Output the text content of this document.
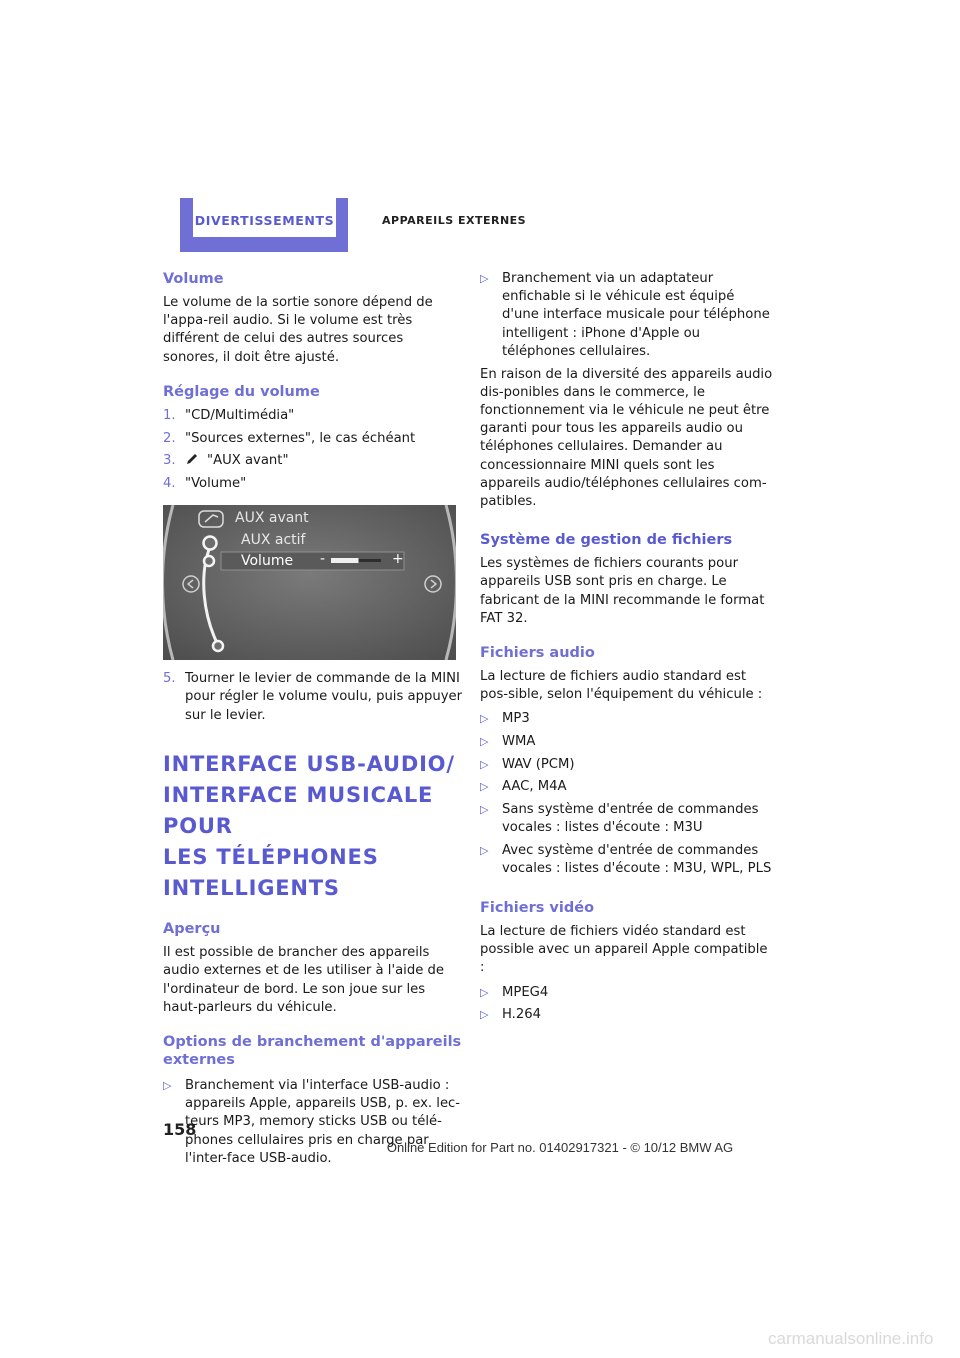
DIVERTISSEMENTS	APPAREILS EXTERNES
Volume

Le volume de la sortie sonore dépend de l'appa-reil audio. Si le volume est très différent de celui des autres sources sonores, il doit être ajusté.

Réglage du volume
1. "CD/Multimédia"
2. "Sources externes", le cas échéant
3.	"AUX avant"
4. "Volume"
AUX avant
AUX actif
Volume -	+
5. Tourner le levier de commande de la MINI pour régler le volume voulu, puis appuyer sur le levier.
INTERFACE USB-AUDIO/
INTERFACE MUSICALE POUR
LES TÉLÉPHONES
INTELLIGENTS
Aperçu

Il est possible de brancher des appareils audio externes et de les utiliser à l'aide de l'ordinateur de bord. Le son joue sur les haut-parleurs du véhicule.

Options de branchement d'appareils externes
▷	Branchement via l'interface USB-audio : appareils Apple, appareils USB, p. ex. lec-teurs MP3, memory sticks USB ou télé-phones cellulaires pris en charge par l'inter-face USB-audio.
▷	Branchement via un adaptateur enfichable si le véhicule est équipé d'une interface musicale pour téléphone intelligent : iPhone d'Apple ou téléphones cellulaires.

En raison de la diversité des appareils audio dis-ponibles dans le commerce, le fonctionnement via le véhicule ne peut être garanti pour tous les appareils audio ou téléphones cellulaires. Demander au concessionnaire MINI quels sont les appareils audio/téléphones cellulaires com-patibles.

Système de gestion de fichiers

Les systèmes de fichiers courants pour appareils USB sont pris en charge. Le fabricant de la MINI recommande le format FAT 32.

Fichiers audio

La lecture de fichiers audio standard est pos-sible, selon l'équipement du véhicule :

▷	MP3
▷	WMA
▷	WAV (PCM)
▷	AAC, M4A
▷	Sans système d'entrée de commandes vocales : listes d'écoute : M3U
▷	Avec système d'entrée de commandes vocales : listes d'écoute : M3U, WPL, PLS
Fichiers vidéo

La lecture de fichiers vidéo standard est possible avec un appareil Apple compatible :

▷	MPEG4
▷	H.264
158
Online Edition for Part no. 01402917321 - © 10/12 BMW AG
carmanualsonline.info
